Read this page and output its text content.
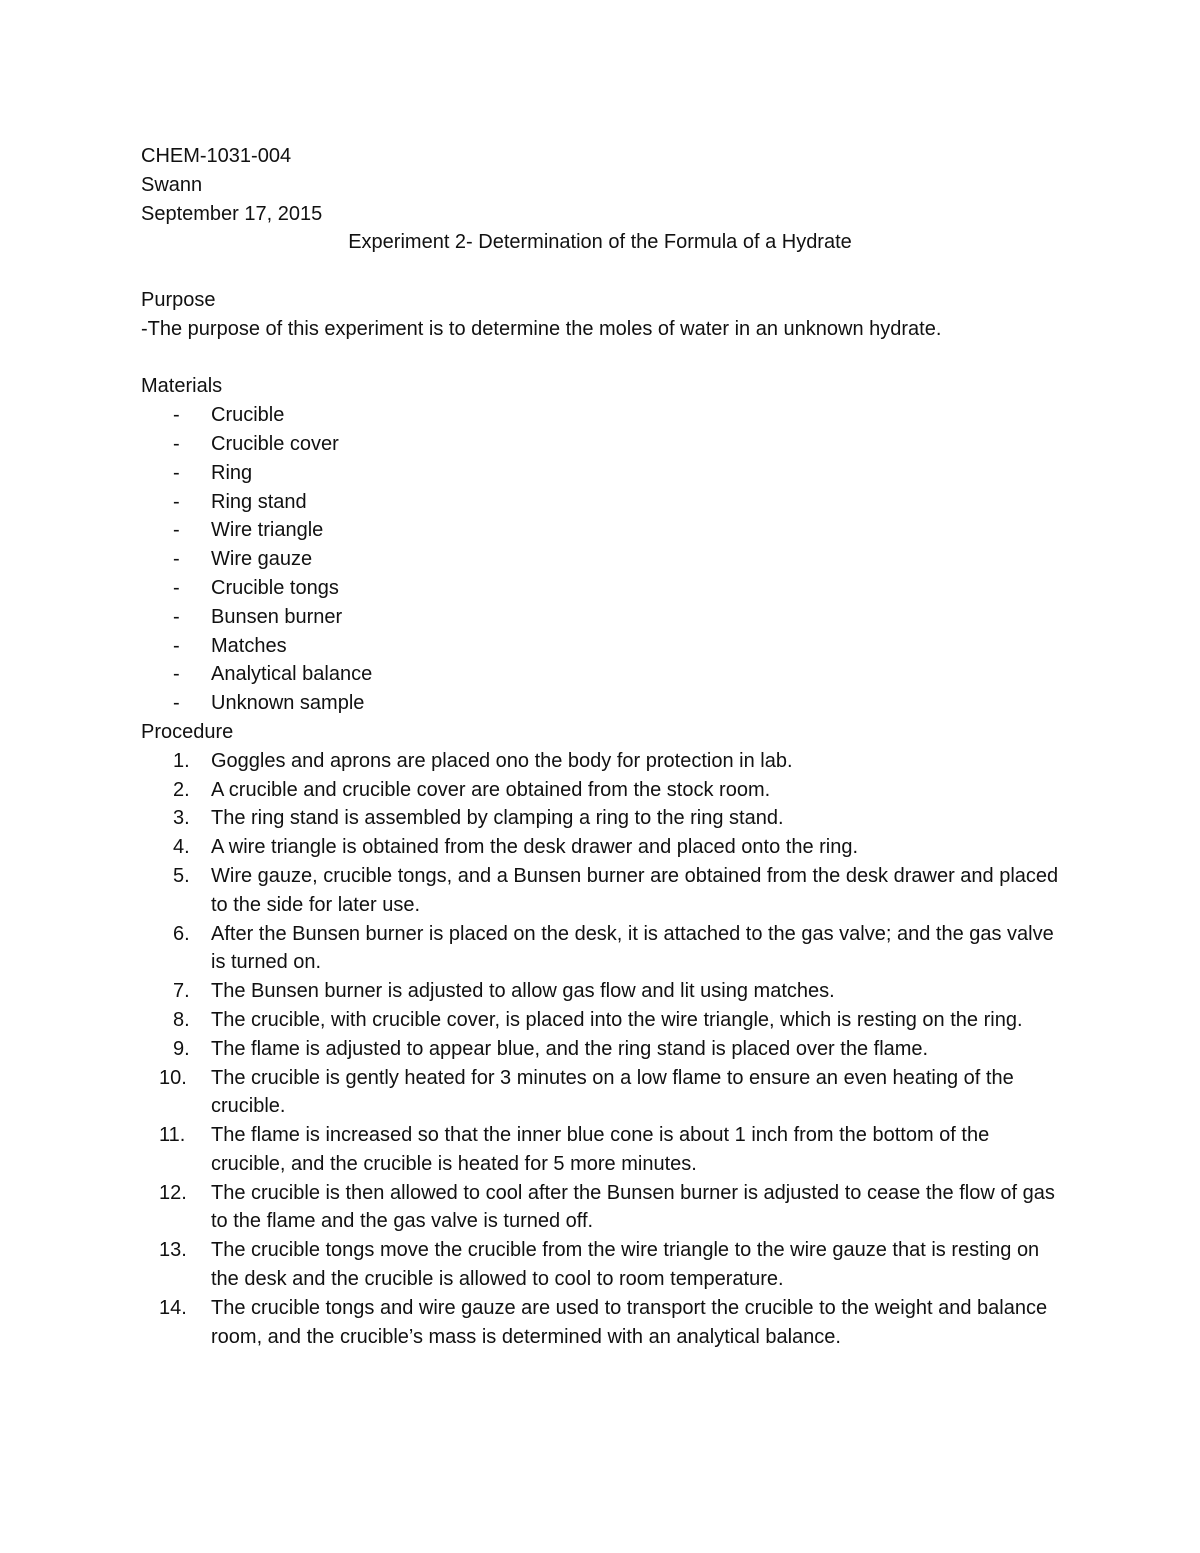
CHEM-1031-004
Swann
September 17, 2015
Experiment 2- Determination of the Formula of a Hydrate
Purpose
-The purpose of this experiment is to determine the moles of water in an unknown hydrate.
Materials
- Crucible
- Crucible cover
- Ring
- Ring stand
- Wire triangle
- Wire gauze
- Crucible tongs
- Bunsen burner
- Matches
- Analytical balance
- Unknown sample
Procedure
1.	Goggles and aprons are placed ono the body for protection in lab.
2.	A crucible and crucible cover are obtained from the stock room.
3.	The ring stand is assembled by clamping a ring to the ring stand.
4.	A wire triangle is obtained from the desk drawer and placed onto the ring.
5.	Wire gauze, crucible tongs, and a Bunsen burner are obtained from the desk drawer and placed to the side for later use.
6.	After the Bunsen burner is placed on the desk, it is attached to the gas valve; and the gas valve is turned on.
7.	The Bunsen burner is adjusted to allow gas flow and lit using matches.
8.	The crucible, with crucible cover, is placed into the wire triangle, which is resting on the ring.
9.	The flame is adjusted to appear blue, and the ring stand is placed over the flame.
10.	The crucible is gently heated for 3 minutes on a low flame to ensure an even heating of the crucible.
11.	The flame is increased so that the inner blue cone is about 1 inch from the bottom of the crucible, and the crucible is heated for 5 more minutes.
12.	The crucible is then allowed to cool after the Bunsen burner is adjusted to cease the flow of gas to the flame and the gas valve is turned off.
13.	The crucible tongs move the crucible from the wire triangle to the wire gauze that is resting on the desk and the crucible is allowed to cool to room temperature.
14.	The crucible tongs and wire gauze are used to transport the crucible to the weight and balance room, and the crucible’s mass is determined with an analytical balance.
